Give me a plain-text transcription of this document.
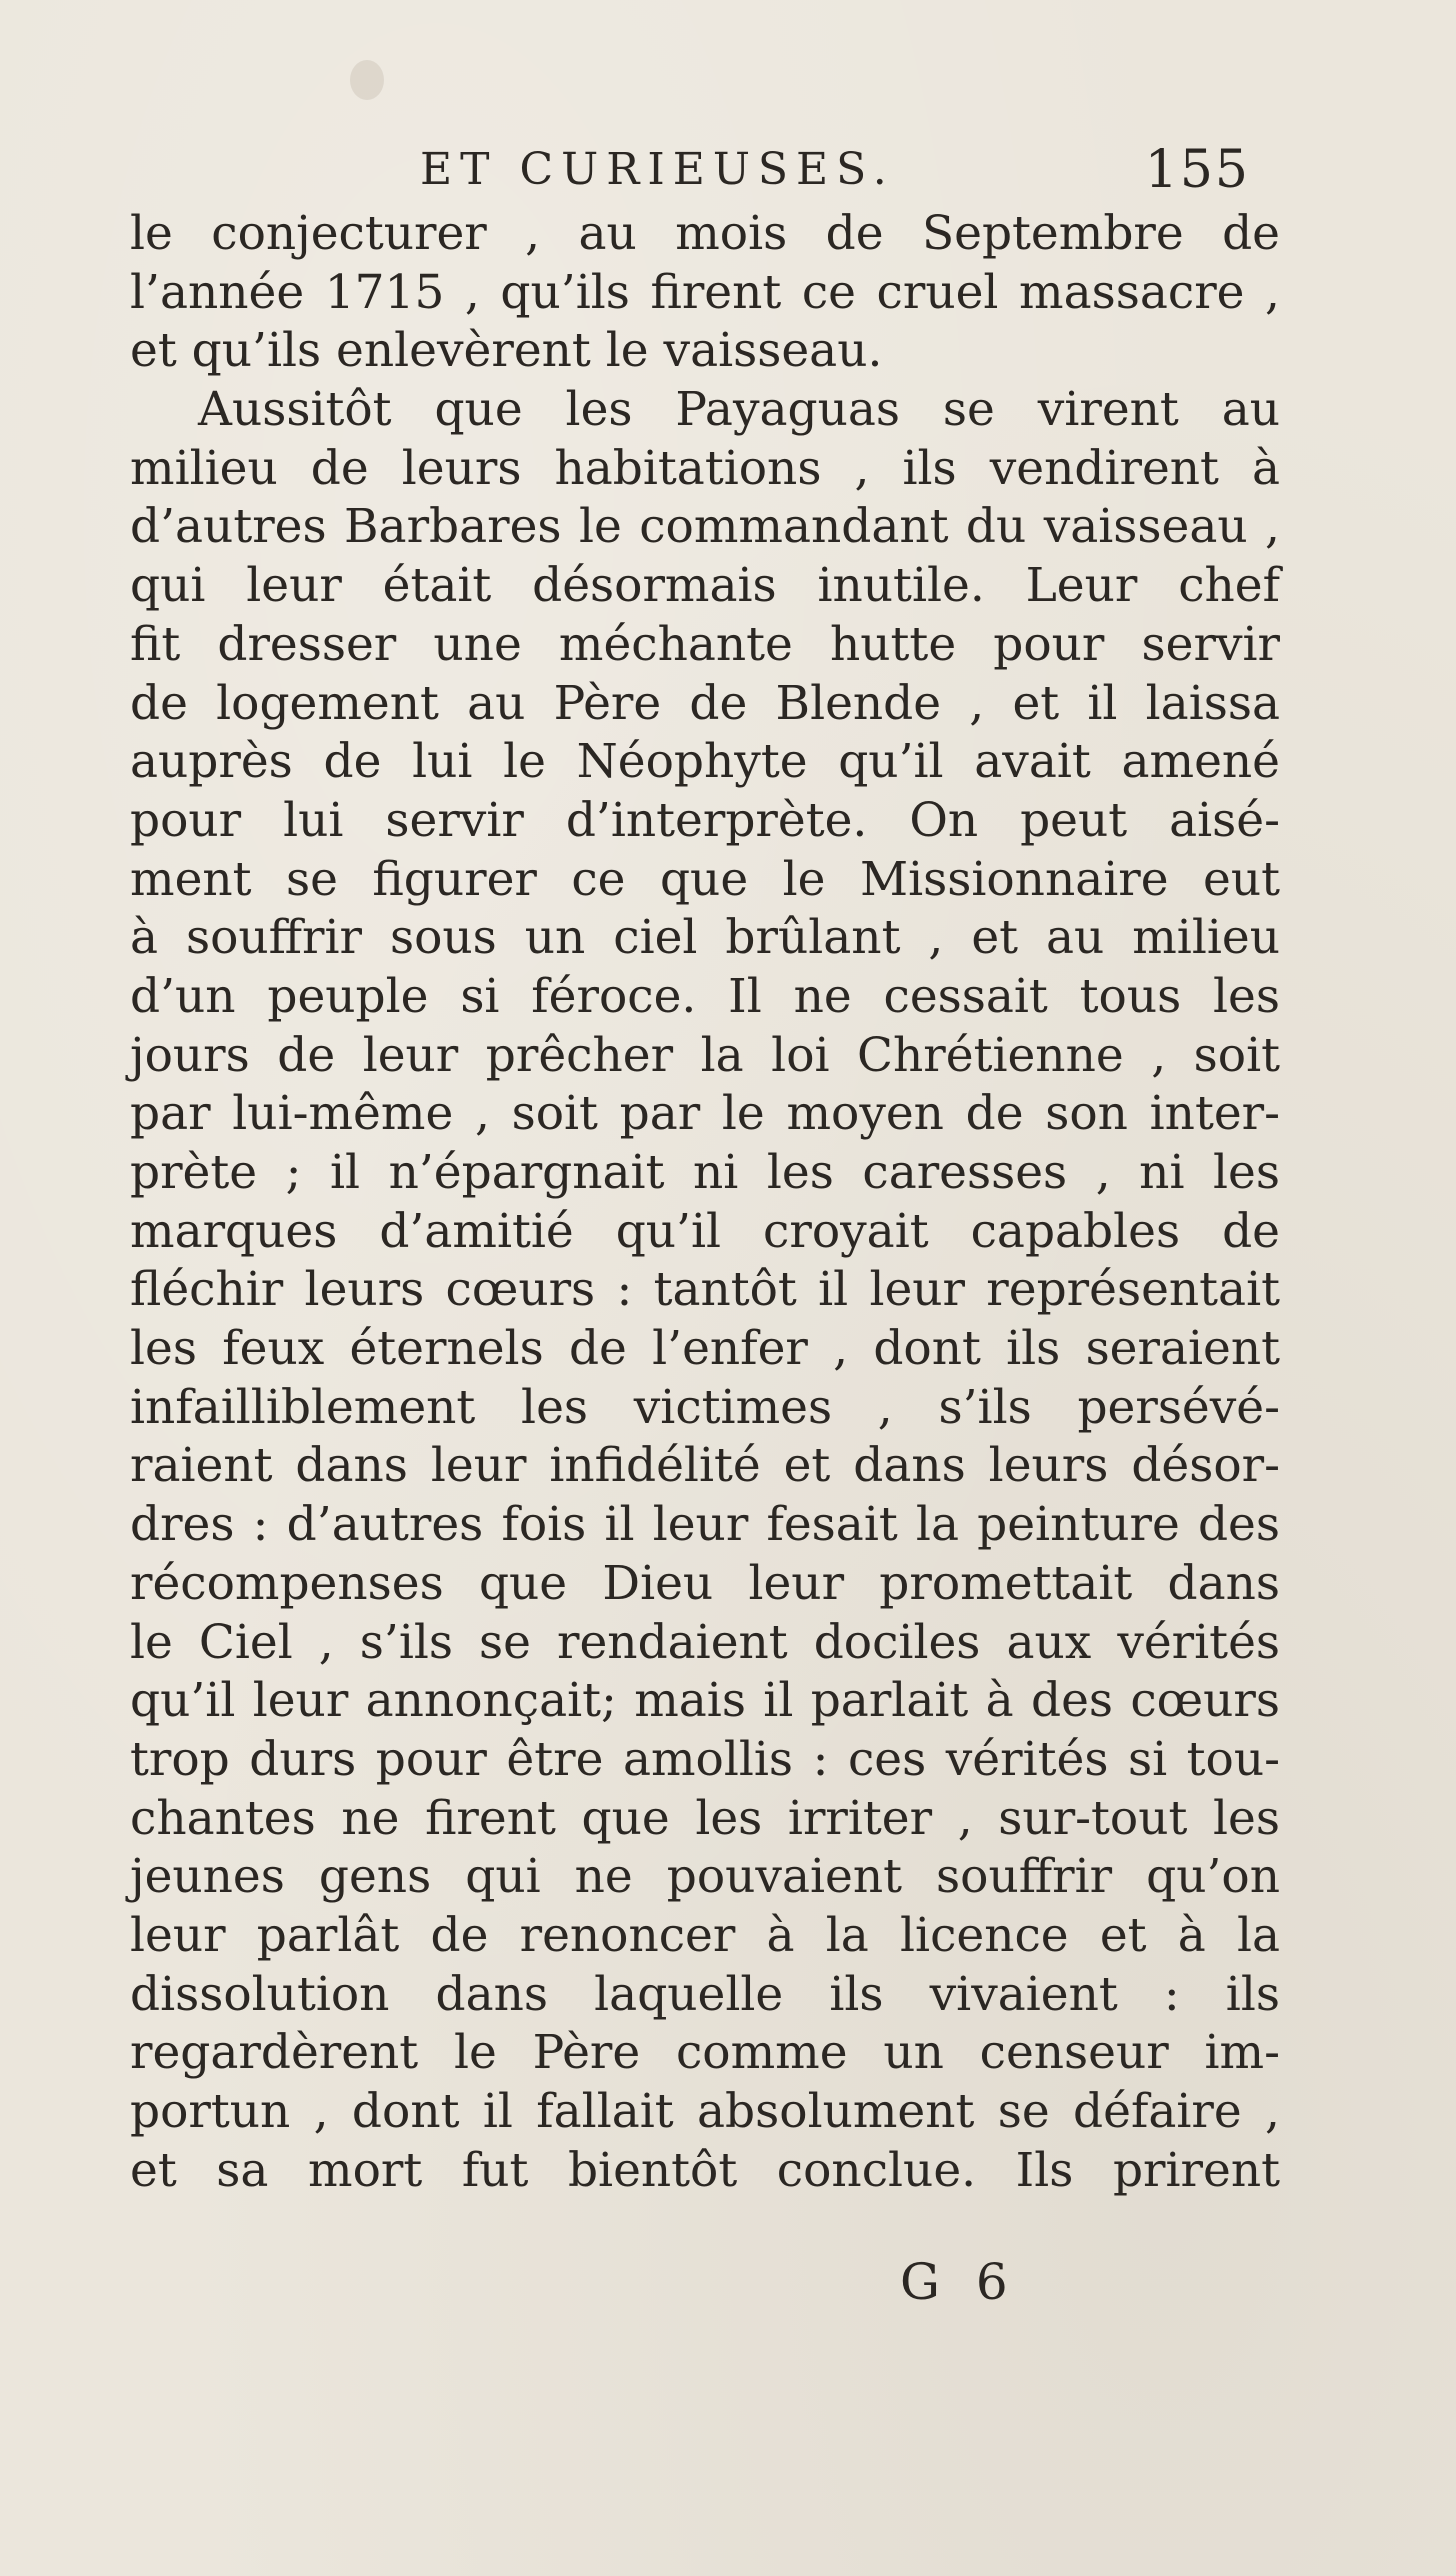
ET CURIEUSES.	155
le conjecturer , au mois de Septembre de
l’année 1715 , qu’ils firent ce cruel massacre ,
et qu’ils enlevèrent le vaisseau.
Aussitôt que les Payaguas se virent au
milieu de leurs habitations , ils vendirent à
d’autres Barbares le commandant du vaisseau ,
qui leur était désormais inutile. Leur chef
fit dresser une méchante hutte pour servir
de logement au Père de Blende , et il laissa
auprès de lui le Néophyte qu’il avait amené
pour lui servir d’interprète. On peut aisé-
ment se figurer ce que le Missionnaire eut
à souffrir sous un ciel brûlant , et au milieu
d’un peuple si féroce. Il ne cessait tous les
jours de leur prêcher la loi Chrétienne , soit
par lui-même , soit par le moyen de son inter-
prète ; il n’épargnait ni les caresses , ni les
marques d’amitié qu’il croyait capables de
fléchir leurs cœurs : tantôt il leur représentait
les feux éternels de l’enfer , dont ils seraient
infailliblement les victimes , s’ils persévé-
raient dans leur infidélité et dans leurs désor-
dres : d’autres fois il leur fesait la peinture des
récompenses que Dieu leur promettait dans
le Ciel , s’ils se rendaient dociles aux vérités
qu’il leur annonçait; mais il parlait à des cœurs
trop durs pour être amollis : ces vérités si tou-
chantes ne firent que les irriter , sur-tout les
jeunes gens qui ne pouvaient souffrir qu’on
leur parlât de renoncer à la licence et à la
dissolution dans laquelle ils vivaient : ils
regardèrent le Père comme un censeur im-
portun , dont il fallait absolument se défaire ,
et sa mort fut bientôt conclue. Ils prirent
G 6
